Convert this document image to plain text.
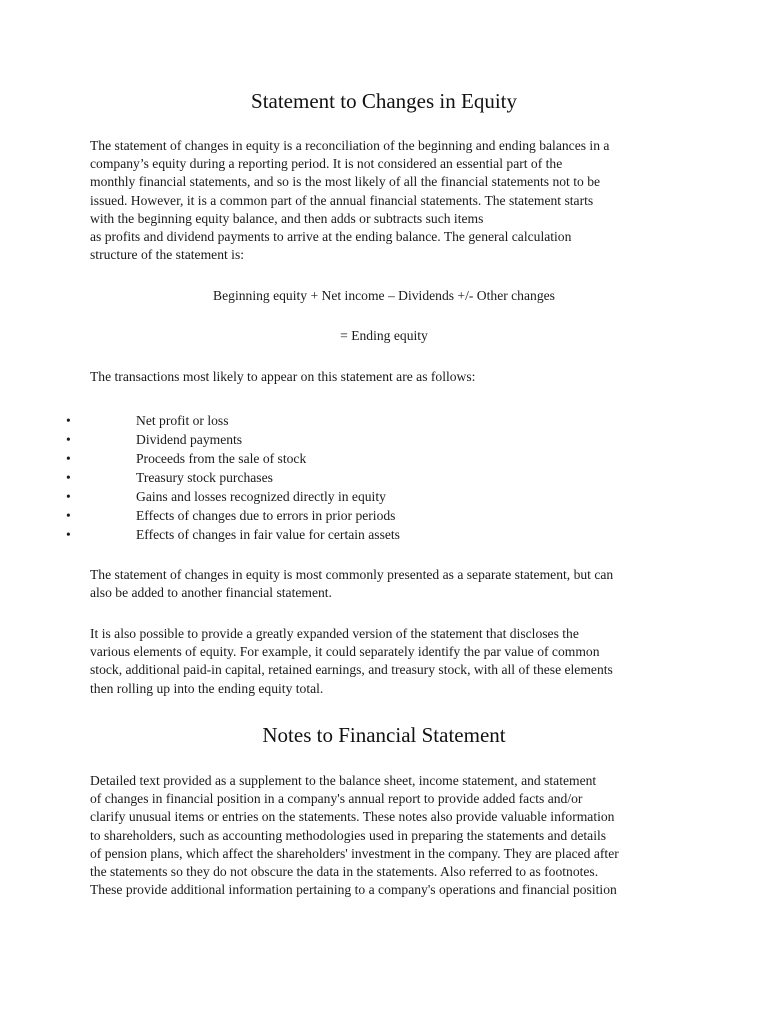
Statement to Changes in Equity

The statement of changes in equity is a reconciliation of the beginning and ending balances in a
company’s equity during a reporting period. It is not considered an essential part of the
monthly financial statements, and so is the most likely of all the financial statements not to be
issued. However, it is a common part of the annual financial statements. The statement starts
with the beginning equity balance, and then adds or subtracts such items
as profits and dividend payments to arrive at the ending balance. The general calculation
structure of the statement is:

Beginning equity + Net income – Dividends +/- Other changes
= Ending equity

The transactions most likely to appear on this statement are as follows:

•	Net profit or loss
•	Dividend payments
•	Proceeds from the sale of stock
•	Treasury stock purchases
•	Gains and losses recognized directly in equity
•	Effects of changes due to errors in prior periods
•	Effects of changes in fair value for certain assets

The statement of changes in equity is most commonly presented as a separate statement, but can
also be added to another financial statement.

It is also possible to provide a greatly expanded version of the statement that discloses the
various elements of equity. For example, it could separately identify the par value of common
stock, additional paid-in capital, retained earnings, and treasury stock, with all of these elements
then rolling up into the ending equity total.

Notes to Financial Statement

Detailed text provided as a supplement to the balance sheet, income statement, and statement
of changes in financial position in a company's annual report to provide added facts and/or
clarify unusual items or entries on the statements. These notes also provide valuable information
to shareholders, such as accounting methodologies used in preparing the statements and details
of pension plans, which affect the shareholders' investment in the company. They are placed after
the statements so they do not obscure the data in the statements. Also referred to as footnotes.
These provide additional information pertaining to a company's operations and financial position
